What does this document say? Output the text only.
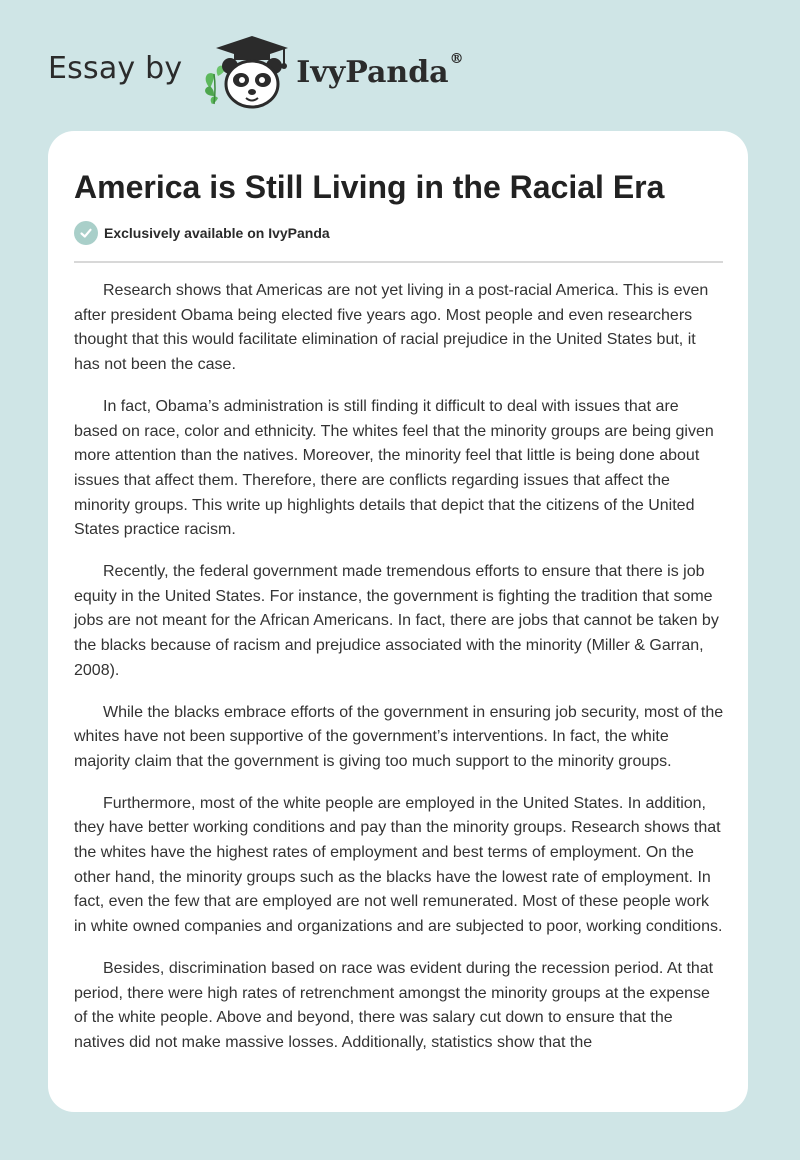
Essay by	IvyPanda®
America is Still Living in the Racial Era
Exclusively available on IvyPanda

Research shows that Americas are not yet living in a post-racial America. This is even after president Obama being elected five years ago. Most people and even researchers thought that this would facilitate elimination of racial prejudice in the United States but, it has not been the case.

In fact, Obama’s administration is still finding it difficult to deal with issues that are based on race, color and ethnicity. The whites feel that the minority groups are being given more attention than the natives. Moreover, the minority feel that little is being done about issues that affect them. Therefore, there are conflicts regarding issues that affect the minority groups. This write up highlights details that depict that the citizens of the United States practice racism.

Recently, the federal government made tremendous efforts to ensure that there is job equity in the United States. For instance, the government is fighting the tradition that some jobs are not meant for the African Americans. In fact, there are jobs that cannot be taken by the blacks because of racism and prejudice associated with the minority (Miller & Garran, 2008).

While the blacks embrace efforts of the government in ensuring job security, most of the whites have not been supportive of the government’s interventions. In fact, the white majority claim that the government is giving too much support to the minority groups.

Furthermore, most of the white people are employed in the United States. In addition, they have better working conditions and pay than the minority groups. Research shows that the whites have the highest rates of employment and best terms of employment. On the other hand, the minority groups such as the blacks have the lowest rate of employment. In fact, even the few that are employed are not well remunerated. Most of these people work in white owned companies and organizations and are subjected to poor, working conditions.

Besides, discrimination based on race was evident during the recession period. At that period, there were high rates of retrenchment amongst the minority groups at the expense of the white people. Above and beyond, there was salary cut down to ensure that the natives did not make massive losses. Additionally, statistics show that the
